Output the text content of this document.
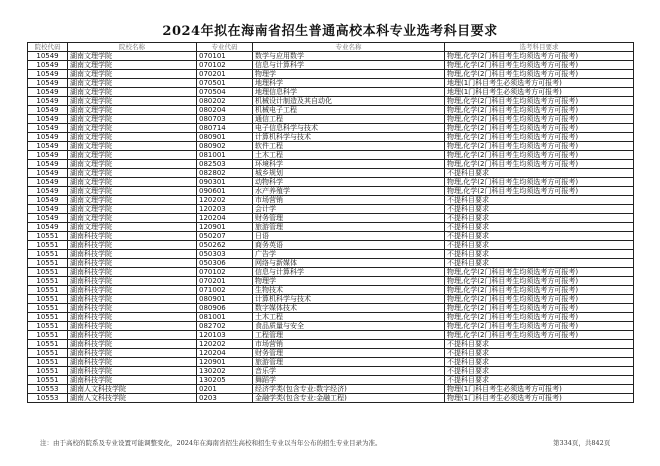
2024年拟在海南省招生普通高校本科专业选考科目要求
院校代码	院校名称	专业代码	专业名称	选考科目要求
10549	湖南文理学院	070101	数学与应用数学	物理,化学(2门科目考生均须选考方可报考)
10549	湖南文理学院	070102	信息与计算科学	物理,化学(2门科目考生均须选考方可报考)
10549	湖南文理学院	070201	物理学	物理,化学(2门科目考生均须选考方可报考)
10549	湖南文理学院	070501	地理科学	地理(1门科目考生必须选考方可报考)
10549	湖南文理学院	070504	地理信息科学	地理(1门科目考生必须选考方可报考)
10549	湖南文理学院	080202	机械设计制造及其自动化	物理,化学(2门科目考生均须选考方可报考)
10549	湖南文理学院	080204	机械电子工程	物理,化学(2门科目考生均须选考方可报考)
10549	湖南文理学院	080703	通信工程	物理,化学(2门科目考生均须选考方可报考)
10549	湖南文理学院	080714	电子信息科学与技术	物理,化学(2门科目考生均须选考方可报考)
10549	湖南文理学院	080901	计算机科学与技术	物理,化学(2门科目考生均须选考方可报考)
10549	湖南文理学院	080902	软件工程	物理,化学(2门科目考生均须选考方可报考)
10549	湖南文理学院	081001	土木工程	物理,化学(2门科目考生均须选考方可报考)
10549	湖南文理学院	082503	环境科学	物理,化学(2门科目考生均须选考方可报考)
10549	湖南文理学院	082802	城乡规划	不提科目要求
10549	湖南文理学院	090301	动物科学	物理,化学(2门科目考生均须选考方可报考)
10549	湖南文理学院	090601	水产养殖学	物理,化学(2门科目考生均须选考方可报考)
10549	湖南文理学院	120202	市场营销	不提科目要求
10549	湖南文理学院	120203	会计学	不提科目要求
10549	湖南文理学院	120204	财务管理	不提科目要求
10549	湖南文理学院	120901	旅游管理	不提科目要求
10551	湖南科技学院	050207	日语	不提科目要求
10551	湖南科技学院	050262	商务英语	不提科目要求
10551	湖南科技学院	050303	广告学	不提科目要求
10551	湖南科技学院	050306	网络与新媒体	不提科目要求
10551	湖南科技学院	070102	信息与计算科学	物理,化学(2门科目考生均须选考方可报考)
10551	湖南科技学院	070201	物理学	物理,化学(2门科目考生均须选考方可报考)
10551	湖南科技学院	071002	生物技术	物理,化学(2门科目考生均须选考方可报考)
10551	湖南科技学院	080901	计算机科学与技术	物理,化学(2门科目考生均须选考方可报考)
10551	湖南科技学院	080906	数字媒体技术	物理,化学(2门科目考生均须选考方可报考)
10551	湖南科技学院	081001	土木工程	物理,化学(2门科目考生均须选考方可报考)
10551	湖南科技学院	082702	食品质量与安全	物理,化学(2门科目考生均须选考方可报考)
10551	湖南科技学院	120103	工程管理	物理,化学(2门科目考生均须选考方可报考)
10551	湖南科技学院	120202	市场营销	不提科目要求
10551	湖南科技学院	120204	财务管理	不提科目要求
10551	湖南科技学院	120901	旅游管理	不提科目要求
10551	湖南科技学院	130202	音乐学	不提科目要求
10551	湖南科技学院	130205	舞蹈学	不提科目要求
10553	湖南人文科技学院	0201	经济学类(包含专业:数字经济)	物理(1门科目考生必须选考方可报考)
10553	湖南人文科技学院	0203	金融学类(包含专业:金融工程)	物理(1门科目考生必须选考方可报考)
注：由于高校的院系及专业设置可能调整变化，2024年在海南省招生高校和招生专业以当年公布的招生专业目录为准。	第334页，共842页
